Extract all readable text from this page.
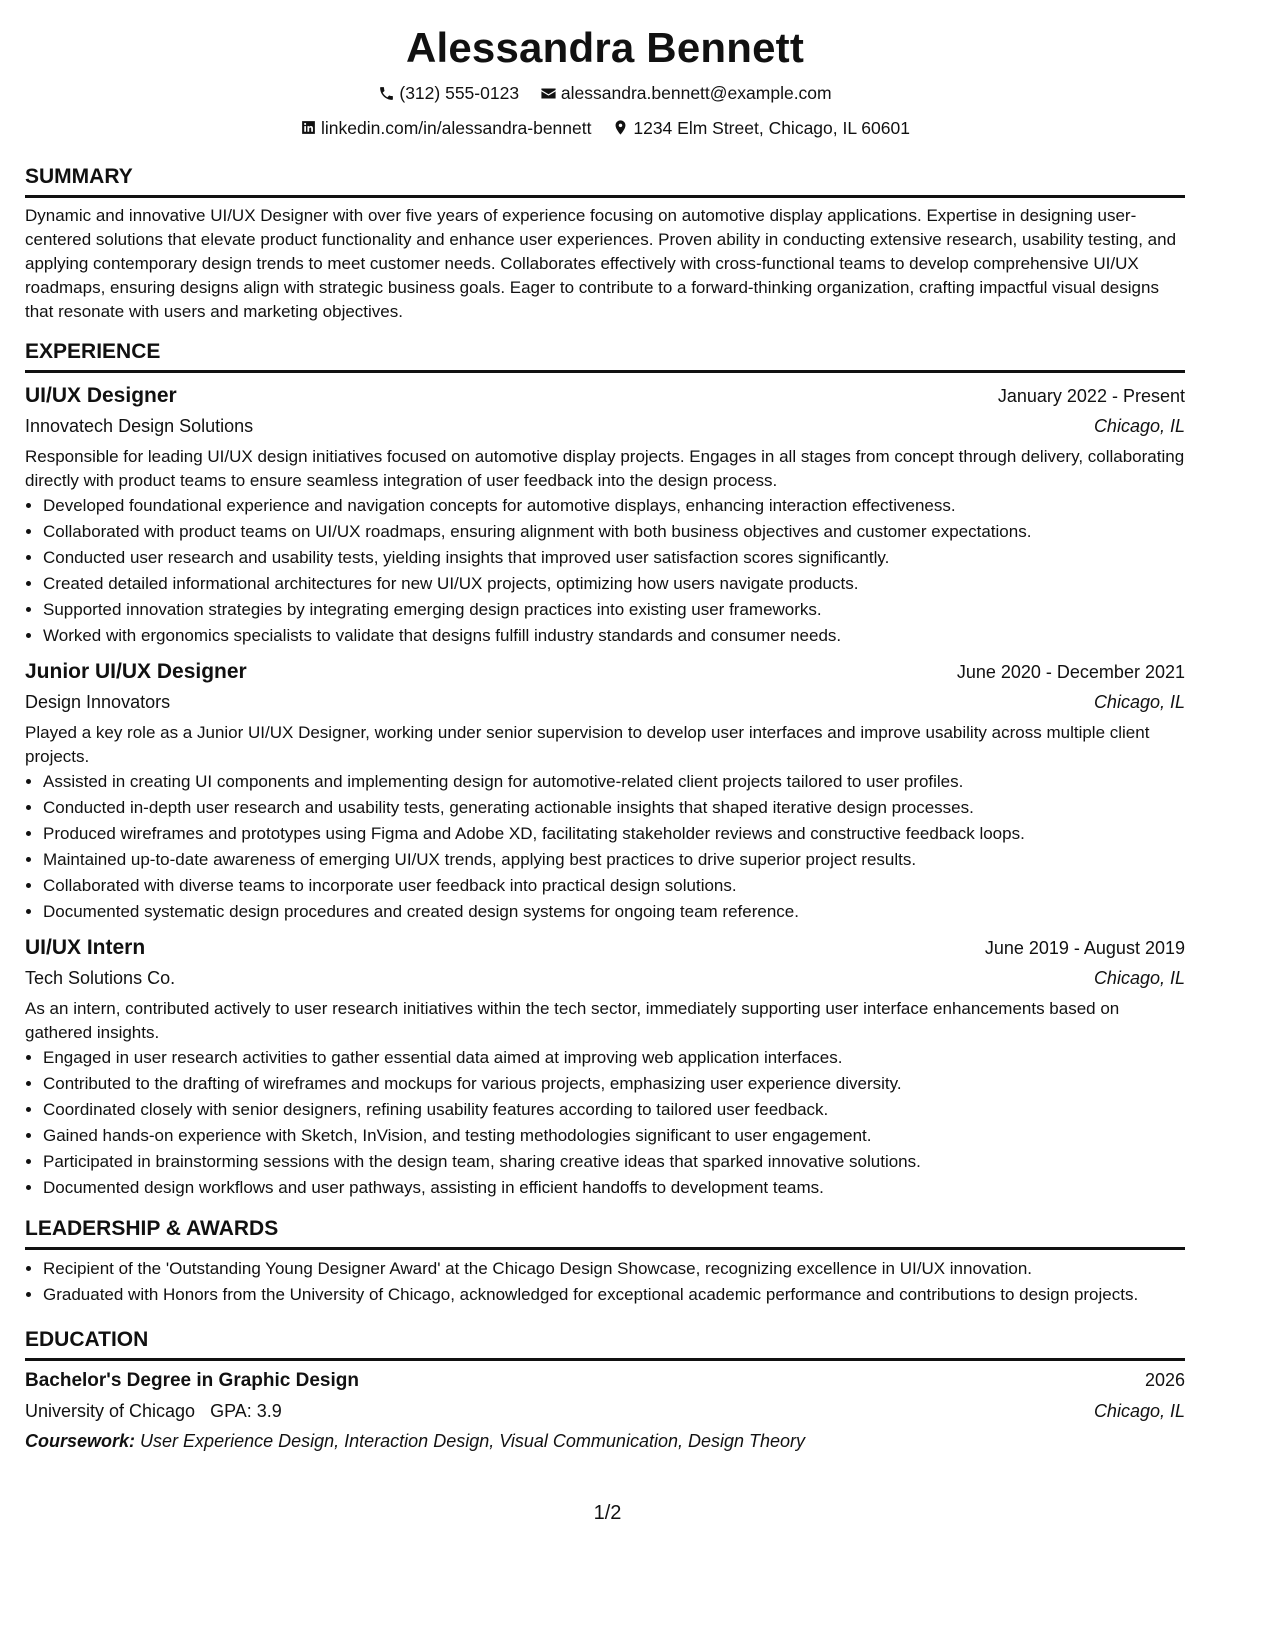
Alessandra Bennett
(312) 555-0123
alessandra.bennett@example.com
linkedin.com/in/alessandra-bennett
1234 Elm Street, Chicago, IL 60601
SUMMARY
Dynamic and innovative UI/UX Designer with over five years of experience focusing on automotive display applications. Expertise in designing user-centered solutions that elevate product functionality and enhance user experiences. Proven ability in conducting extensive research, usability testing, and applying contemporary design trends to meet customer needs. Collaborates effectively with cross-functional teams to develop comprehensive UI/UX roadmaps, ensuring designs align with strategic business goals. Eager to contribute to a forward-thinking organization, crafting impactful visual designs that resonate with users and marketing objectives.
EXPERIENCE
UI/UX Designer	January 2022 - Present
Innovatech Design Solutions	Chicago, IL
Responsible for leading UI/UX design initiatives focused on automotive display projects. Engages in all stages from concept through delivery, collaborating directly with product teams to ensure seamless integration of user feedback into the design process.
• Developed foundational experience and navigation concepts for automotive displays, enhancing interaction effectiveness.
• Collaborated with product teams on UI/UX roadmaps, ensuring alignment with both business objectives and customer expectations.
• Conducted user research and usability tests, yielding insights that improved user satisfaction scores significantly.
• Created detailed informational architectures for new UI/UX projects, optimizing how users navigate products.
• Supported innovation strategies by integrating emerging design practices into existing user frameworks.
• Worked with ergonomics specialists to validate that designs fulfill industry standards and consumer needs.
Junior UI/UX Designer	June 2020 - December 2021
Design Innovators	Chicago, IL
Played a key role as a Junior UI/UX Designer, working under senior supervision to develop user interfaces and improve usability across multiple client projects.
• Assisted in creating UI components and implementing design for automotive-related client projects tailored to user profiles.
• Conducted in-depth user research and usability tests, generating actionable insights that shaped iterative design processes.
• Produced wireframes and prototypes using Figma and Adobe XD, facilitating stakeholder reviews and constructive feedback loops.
• Maintained up-to-date awareness of emerging UI/UX trends, applying best practices to drive superior project results.
• Collaborated with diverse teams to incorporate user feedback into practical design solutions.
• Documented systematic design procedures and created design systems for ongoing team reference.
UI/UX Intern	June 2019 - August 2019
Tech Solutions Co.	Chicago, IL
As an intern, contributed actively to user research initiatives within the tech sector, immediately supporting user interface enhancements based on gathered insights.
• Engaged in user research activities to gather essential data aimed at improving web application interfaces.
• Contributed to the drafting of wireframes and mockups for various projects, emphasizing user experience diversity.
• Coordinated closely with senior designers, refining usability features according to tailored user feedback.
• Gained hands-on experience with Sketch, InVision, and testing methodologies significant to user engagement.
• Participated in brainstorming sessions with the design team, sharing creative ideas that sparked innovative solutions.
• Documented design workflows and user pathways, assisting in efficient handoffs to development teams.
LEADERSHIP & AWARDS
• Recipient of the 'Outstanding Young Designer Award' at the Chicago Design Showcase, recognizing excellence in UI/UX innovation.
• Graduated with Honors from the University of Chicago, acknowledged for exceptional academic performance and contributions to design projects.
EDUCATION
Bachelor's Degree in Graphic Design	2026
University of Chicago GPA: 3.9	Chicago, IL
Coursework: User Experience Design, Interaction Design, Visual Communication, Design Theory
1/2
